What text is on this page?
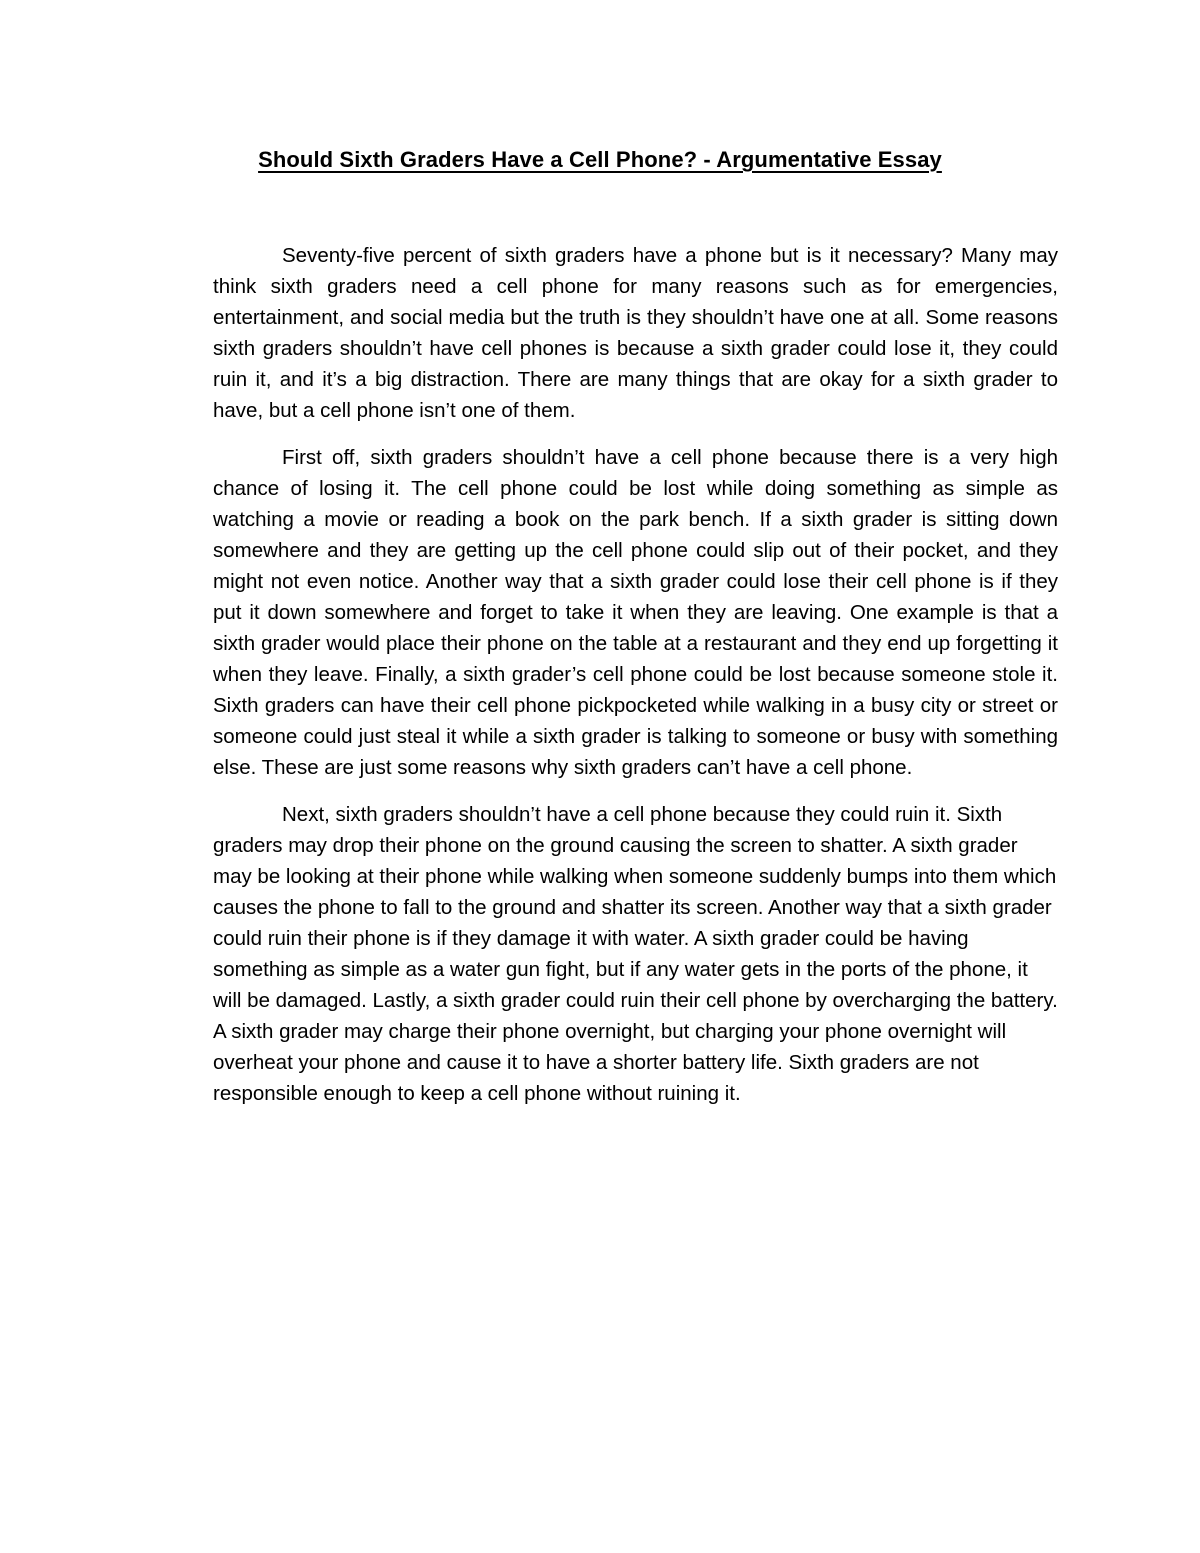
Should Sixth Graders Have a Cell Phone? - Argumentative Essay

Seventy-five percent of sixth graders have a phone but is it necessary? Many may think sixth graders need a cell phone for many reasons such as for emergencies, entertainment, and social media but the truth is they shouldn’t have one at all. Some reasons sixth graders shouldn’t have cell phones is because a sixth grader could lose it, they could ruin it, and it’s a big distraction. There are many things that are okay for a sixth grader to have, but a cell phone isn’t one of them.

First off, sixth graders shouldn’t have a cell phone because there is a very high chance of losing it. The cell phone could be lost while doing something as simple as watching a movie or reading a book on the park bench. If a sixth grader is sitting down somewhere and they are getting up the cell phone could slip out of their pocket, and they might not even notice. Another way that a sixth grader could lose their cell phone is if they put it down somewhere and forget to take it when they are leaving. One example is that a sixth grader would place their phone on the table at a restaurant and they end up forgetting it when they leave. Finally, a sixth grader’s cell phone could be lost because someone stole it. Sixth graders can have their cell phone pickpocketed while walking in a busy city or street or someone could just steal it while a sixth grader is talking to someone or busy with something else. These are just some reasons why sixth graders can’t have a cell phone.

Next, sixth graders shouldn’t have a cell phone because they could ruin it. Sixth graders may drop their phone on the ground causing the screen to shatter. A sixth grader may be looking at their phone while walking when someone suddenly bumps into them which causes the phone to fall to the ground and shatter its screen. Another way that a sixth grader could ruin their phone is if they damage it with water. A sixth grader could be having something as simple as a water gun fight, but if any water gets in the ports of the phone, it will be damaged. Lastly, a sixth grader could ruin their cell phone by overcharging the battery. A sixth grader may charge their phone overnight, but charging your phone overnight will overheat your phone and cause it to have a shorter battery life. Sixth graders are not responsible enough to keep a cell phone without ruining it.
